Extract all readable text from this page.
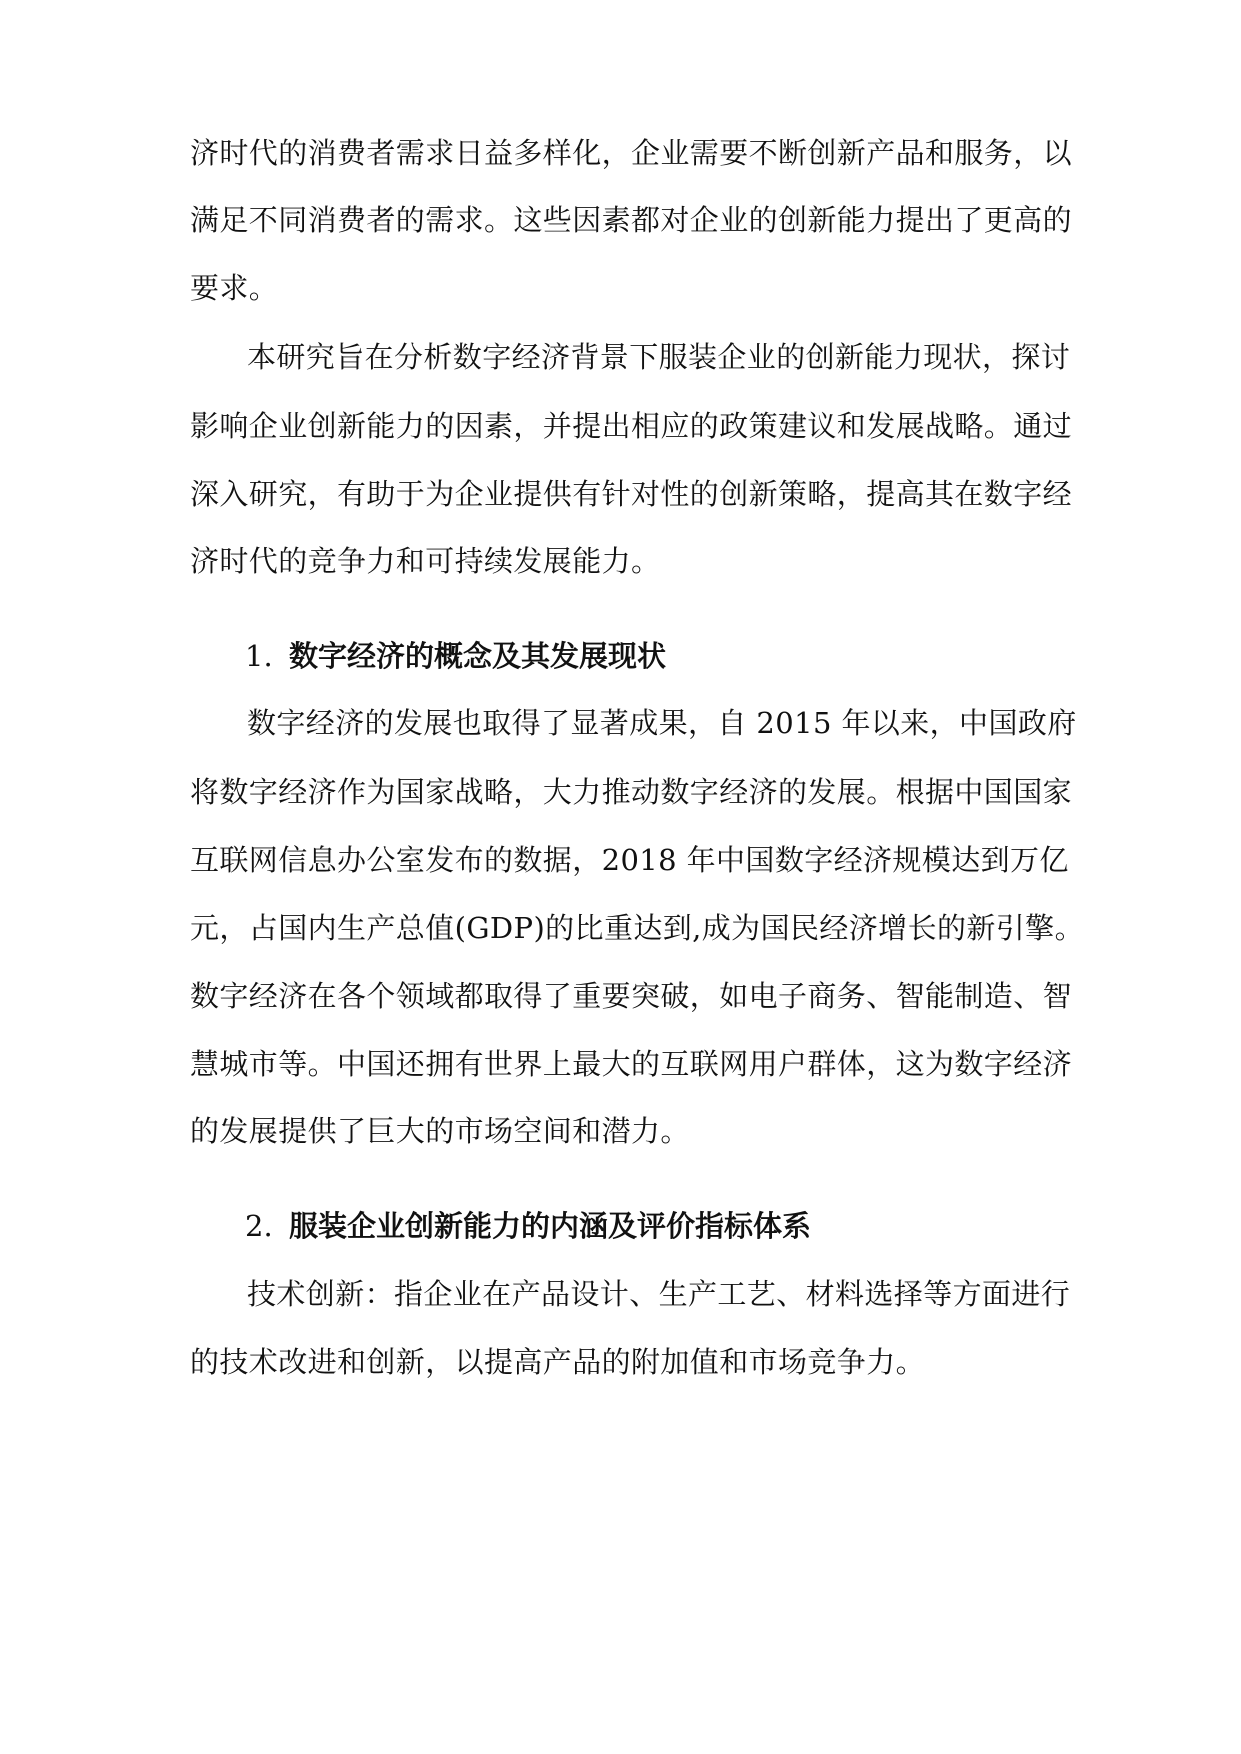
济时代的消费者需求日益多样化，企业需要不断创新产品和服务，以
满足不同消费者的需求。这些因素都对企业的创新能力提出了更高的
要求。
本研究旨在分析数字经济背景下服装企业的创新能力现状，探讨
影响企业创新能力的因素，并提出相应的政策建议和发展战略。通过
深入研究，有助于为企业提供有针对性的创新策略，提高其在数字经
济时代的竞争力和可持续发展能力。
1. 数字经济的概念及其发展现状
数字经济的发展也取得了显著成果，自 2015 年以来，中国政府
将数字经济作为国家战略，大力推动数字经济的发展。根据中国国家
互联网信息办公室发布的数据，2018 年中国数字经济规模达到万亿
元，占国内生产总值(GDP)的比重达到,成为国民经济增长的新引擎。
数字经济在各个领域都取得了重要突破，如电子商务、智能制造、智
慧城市等。中国还拥有世界上最大的互联网用户群体，这为数字经济
的发展提供了巨大的市场空间和潜力。
2. 服装企业创新能力的内涵及评价指标体系
技术创新：指企业在产品设计、生产工艺、材料选择等方面进行
的技术改进和创新，以提高产品的附加值和市场竞争力。
